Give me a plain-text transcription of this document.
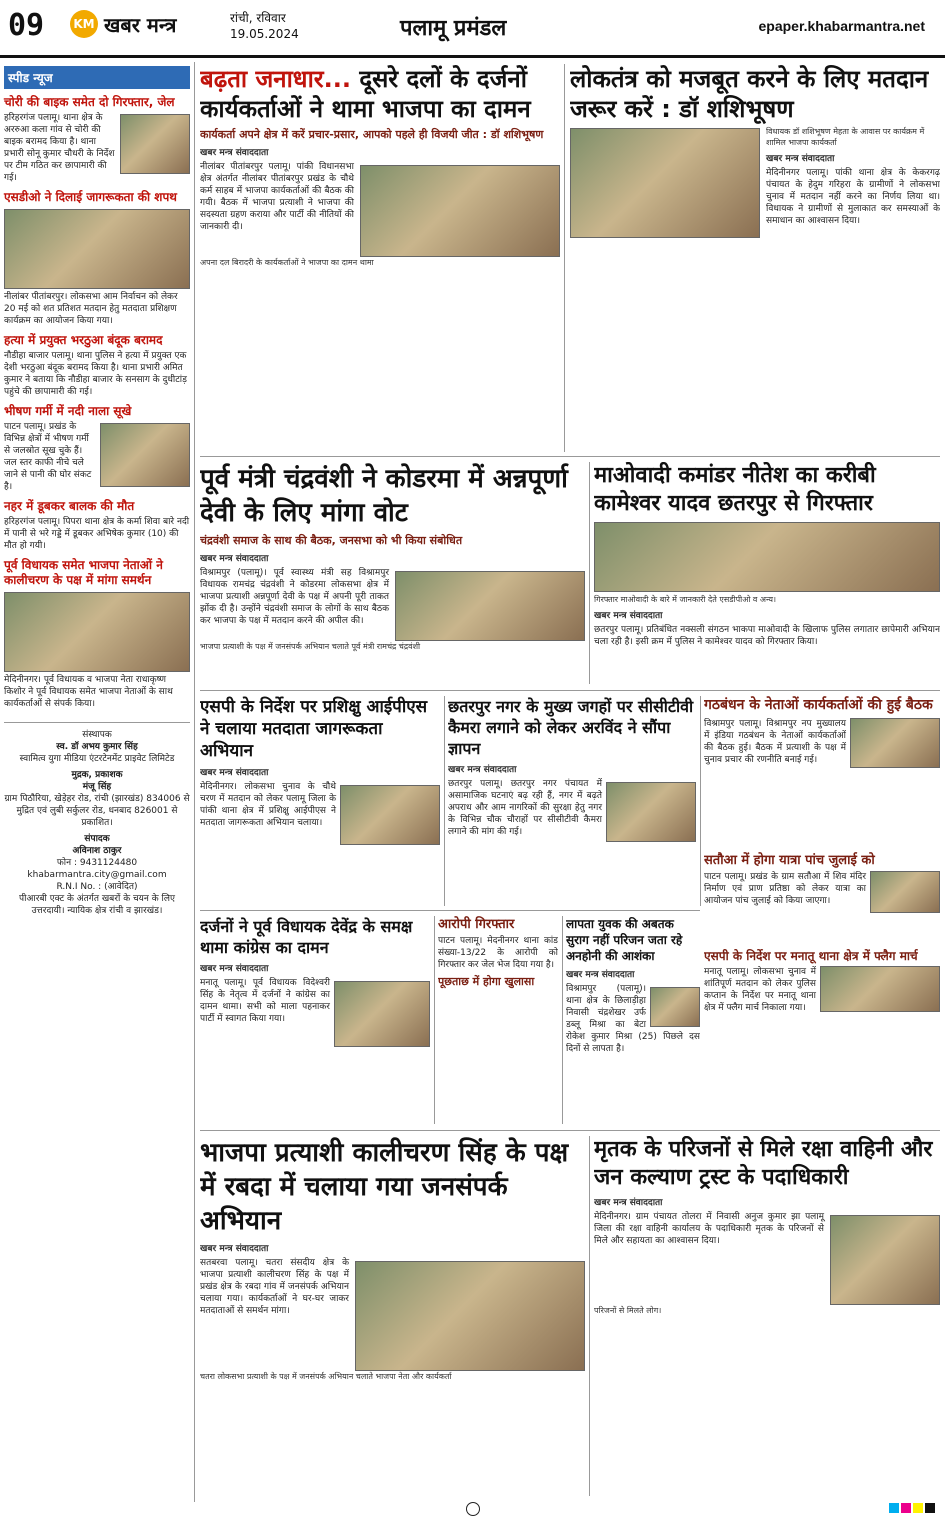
09 KM खबर मन्त्र	रांची, रविवार
19.05.2024	पलामू प्रमंडल	epaper.khabarmantra.net
स्पीड न्यूज
चोरी की बाइक समेत दो गिरफ्तार, जेल
हरिहरगंज पलामू। थाना क्षेत्र के अररुआ कला गांव से चोरी की बाइक बरामद किया है। थाना प्रभारी सोनू कुमार चौधरी के निर्देश पर टीम गठित कर छापामारी की गई।
एसडीओ ने दिलाई जागरूकता की शपथ
नीलांबर पीतांबरपुर। लोकसभा आम निर्वाचन को लेकर 20 मई को शत प्रतिशत मतदान हेतु मतदाता प्रशिक्षण कार्यक्रम का आयोजन किया गया।
हत्या में प्रयुक्त भरठुआ बंदूक बरामद
नौडीहा बाजार पलामू। थाना पुलिस ने हत्या में प्रयुक्त एक देशी भरठुआ बंदूक बरामद किया है। थाना प्रभारी अमित कुमार ने बताया कि नौडीहा बाजार के सनसाग के दुधीटांड़ पहुंचे की छापामारी की गई।
भीषण गर्मी में नदी नाला सूखे
पाटन पलामू। प्रखंड के विभिन्न क्षेत्रों में भीषण गर्मी से जलस्रोत सूख चुके हैं। जल स्तर काफी नीचे चले जाने से पानी की घोर संकट है।
नहर में डूबकर बालक की मौत
हरिहरगंज पलामू। पिपरा थाना क्षेत्र के कर्मा शिवा बारे नदी में पानी से भरे गड्डे में डूबकर अभिषेक कुमार (10) की मौत हो गयी।
पूर्व विधायक समेत भाजपा नेताओं ने कालीचरण के पक्ष में मांगा समर्थन
मेदिनीनगर। पूर्व विधायक व भाजपा नेता राधाकृष्ण किशोर ने पूर्व विधायक समेत भाजपा नेताओं के साथ कार्यकर्ताओं से संपर्क किया।
संस्थापक
स्व. डॉ अभय कुमार सिंह
स्वामित्व युगा मीडिया एंटरटेनमेंट प्राइवेट लिमिटेड
मुद्रक, प्रकाशक
मंजू सिंह
ग्राम पिठौरिया, खेड़ेहर रोड, रांची (झारखंड) 834006 से मुद्रित एवं लुबी सर्कुलर रोड, धनबाद 826001 से प्रकाशित।
संपादक
अविनाश ठाकुर
फोन : 9431124480
khabarmantra.city@gmail.com
R.N.I No. : (आवेदित)
पीआरबी एक्ट के अंतर्गत खबरों के चयन के लिए उत्तरदायी। न्यायिक क्षेत्र रांची व झारखंड।
बढ़ता जनाधार... दूसरे दलों के दर्जनों कार्यकर्ताओं ने थामा भाजपा का दामन
कार्यकर्ता अपने क्षेत्र में करें प्रचार-प्रसार, आपको पहले ही विजयी जीत : डॉ शशिभूषण
खबर मन्त्र संवाददाता
नीलांबर पीतांबरपुर पलामू। पांकी विधानसभा क्षेत्र अंतर्गत नीलांबर पीतांबरपुर प्रखंड के चौथे कर्म साहब में भाजपा कार्यकर्ताओं की बैठक की गयी। बैठक में भाजपा प्रत्याशी ने भाजपा की सदस्यता ग्रहण कराया और पार्टी की नीतियों की जानकारी दी।
अपना दल बिरादरी के कार्यकर्ताओं ने भाजपा का दामन थामा
लोकतंत्र को मजबूत करने के लिए मतदान जरूर करें : डॉ शशिभूषण
विधायक डॉ शशिभूषण मेहता के आवास पर कार्यक्रम में शामिल भाजपा कार्यकर्ता
खबर मन्त्र संवाददाता
मेदिनीनगर पलामू। पांकी थाना क्षेत्र के केकरगढ़ पंचायत के हेदुम गरिहरा के ग्रामीणों ने लोकसभा चुनाव में मतदान नहीं करने का निर्णय लिया था। विधायक ने ग्रामीणों से मुलाकात कर समस्याओं के समाधान का आश्वासन दिया।
पूर्व मंत्री चंद्रवंशी ने कोडरमा में अन्नपूर्णा देवी के लिए मांगा वोट
चंद्रवंशी समाज के साथ की बैठक, जनसभा को भी किया संबोधित
खबर मन्त्र संवाददाता
विश्रामपुर (पलामू)। पूर्व स्वास्थ्य मंत्री सह विश्रामपुर विधायक रामचंद्र चंद्रवंशी ने कोडरमा लोकसभा क्षेत्र में भाजपा प्रत्याशी अन्नपूर्णा देवी के पक्ष में अपनी पूरी ताकत झोंक दी है। उन्होंने चंद्रवंशी समाज के लोगों के साथ बैठक कर भाजपा के पक्ष में मतदान करने की अपील की।
भाजपा प्रत्याशी के पक्ष में जनसंपर्क अभियान चलाते पूर्व मंत्री रामचंद्र चंद्रवंशी
माओवादी कमांडर नीतेश का करीबी कामेश्वर यादव छतरपुर से गिरफ्तार
गिरफ्तार माओवादी के बारे में जानकारी देते एसडीपीओ व अन्य।
खबर मन्त्र संवाददाता
छतरपुर पलामू। प्रतिबंधित नक्सली संगठन भाकपा माओवादी के खिलाफ पुलिस लगातार छापेमारी अभियान चला रही है। इसी क्रम में पुलिस ने कामेश्वर यादव को गिरफ्तार किया।
एसपी के निर्देश पर प्रशिक्षु आईपीएस ने चलाया मतदाता जागरूकता अभियान
खबर मन्त्र संवाददाता
मेदिनीनगर। लोकसभा चुनाव के चौथे चरण में मतदान को लेकर पलामू जिला के पांकी थाना क्षेत्र में प्रशिक्षु आईपीएस ने मतदाता जागरूकता अभियान चलाया।
छतरपुर नगर के मुख्य जगहों पर सीसीटीवी कैमरा लगाने को लेकर अरविंद ने सौंपा ज्ञापन
खबर मन्त्र संवाददाता
छतरपुर पलामू। छतरपुर नगर पंचायत में असामाजिक घटनाएं बढ़ रही हैं, नगर में बढ़ते अपराध और आम नागरिकों की सुरक्षा हेतु नगर के विभिन्न चौक चौराहों पर सीसीटीवी कैमरा लगाने की मांग की गई।
गठबंधन के नेताओं कार्यकर्ताओं की हुई बैठक
विश्रामपुर पलामू। विश्रामपुर नप मुख्यालय में इंडिया गठबंधन के नेताओं कार्यकर्ताओं की बैठक हुई। बैठक में प्रत्याशी के पक्ष में चुनाव प्रचार की रणनीति बनाई गई।
सतौआ में होगा यात्रा पांच जुलाई को
पाटन पलामू। प्रखंड के ग्राम सतौआ में शिव मंदिर निर्माण एवं प्राण प्रतिष्ठा को लेकर यात्रा का आयोजन पांच जुलाई को किया जाएगा।
दर्जनों ने पूर्व विधायक देवेंद्र के समक्ष थामा कांग्रेस का दामन
खबर मन्त्र संवाददाता
मनातू पलामू। पूर्व विधायक विदेश्वरी सिंह के नेतृत्व में दर्जनों ने कांग्रेस का दामन थामा। सभी को माला पहनाकर पार्टी में स्वागत किया गया।
आरोपी गिरफ्तार
पाटन पलामू। मेदनीनगर थाना कांड संख्या-13/22 के आरोपी को गिरफ्तार कर जेल भेज दिया गया है।
पूछताछ में होगा खुलासा
लापता युवक की अबतक सुराग नहीं परिजन जता रहे अनहोनी की आशंका
खबर मन्त्र संवाददाता
विश्रामपुर (पलामू)। थाना क्षेत्र के छिलाड़ीहा निवासी चंद्रशेखर उर्फ डब्लू मिश्रा का बेटा रोकेश कुमार मिश्रा (25) पिछले दस दिनों से लापता है।
एसपी के निर्देश पर मनातू थाना क्षेत्र में फ्लैग मार्च
मनातू पलामू। लोकसभा चुनाव में शांतिपूर्ण मतदान को लेकर पुलिस कप्तान के निर्देश पर मनातू थाना क्षेत्र में फ्लैग मार्च निकाला गया।
भाजपा प्रत्याशी कालीचरण सिंह के पक्ष में रबदा में चलाया गया जनसंपर्क अभियान
खबर मन्त्र संवाददाता
सतबरवा पलामू। चतरा संसदीय क्षेत्र के भाजपा प्रत्याशी कालीचरण सिंह के पक्ष में प्रखंड क्षेत्र के रबदा गांव में जनसंपर्क अभियान चलाया गया। कार्यकर्ताओं ने घर-घर जाकर मतदाताओं से समर्थन मांगा।
चतरा लोकसभा प्रत्याशी के पक्ष में जनसंपर्क अभियान चलाते भाजपा नेता और कार्यकर्ता
मृतक के परिजनों से मिले रक्षा वाहिनी और जन कल्याण ट्रस्ट के पदाधिकारी
खबर मन्त्र संवाददाता
मेदिनीनगर। ग्राम पंचायत तोलरा में निवासी अनुज कुमार झा पलामू जिला की रक्षा वाहिनी कार्यालय के पदाधिकारी मृतक के परिजनों से मिले और सहायता का आश्वासन दिया।
परिजनों से मिलते लोग।
